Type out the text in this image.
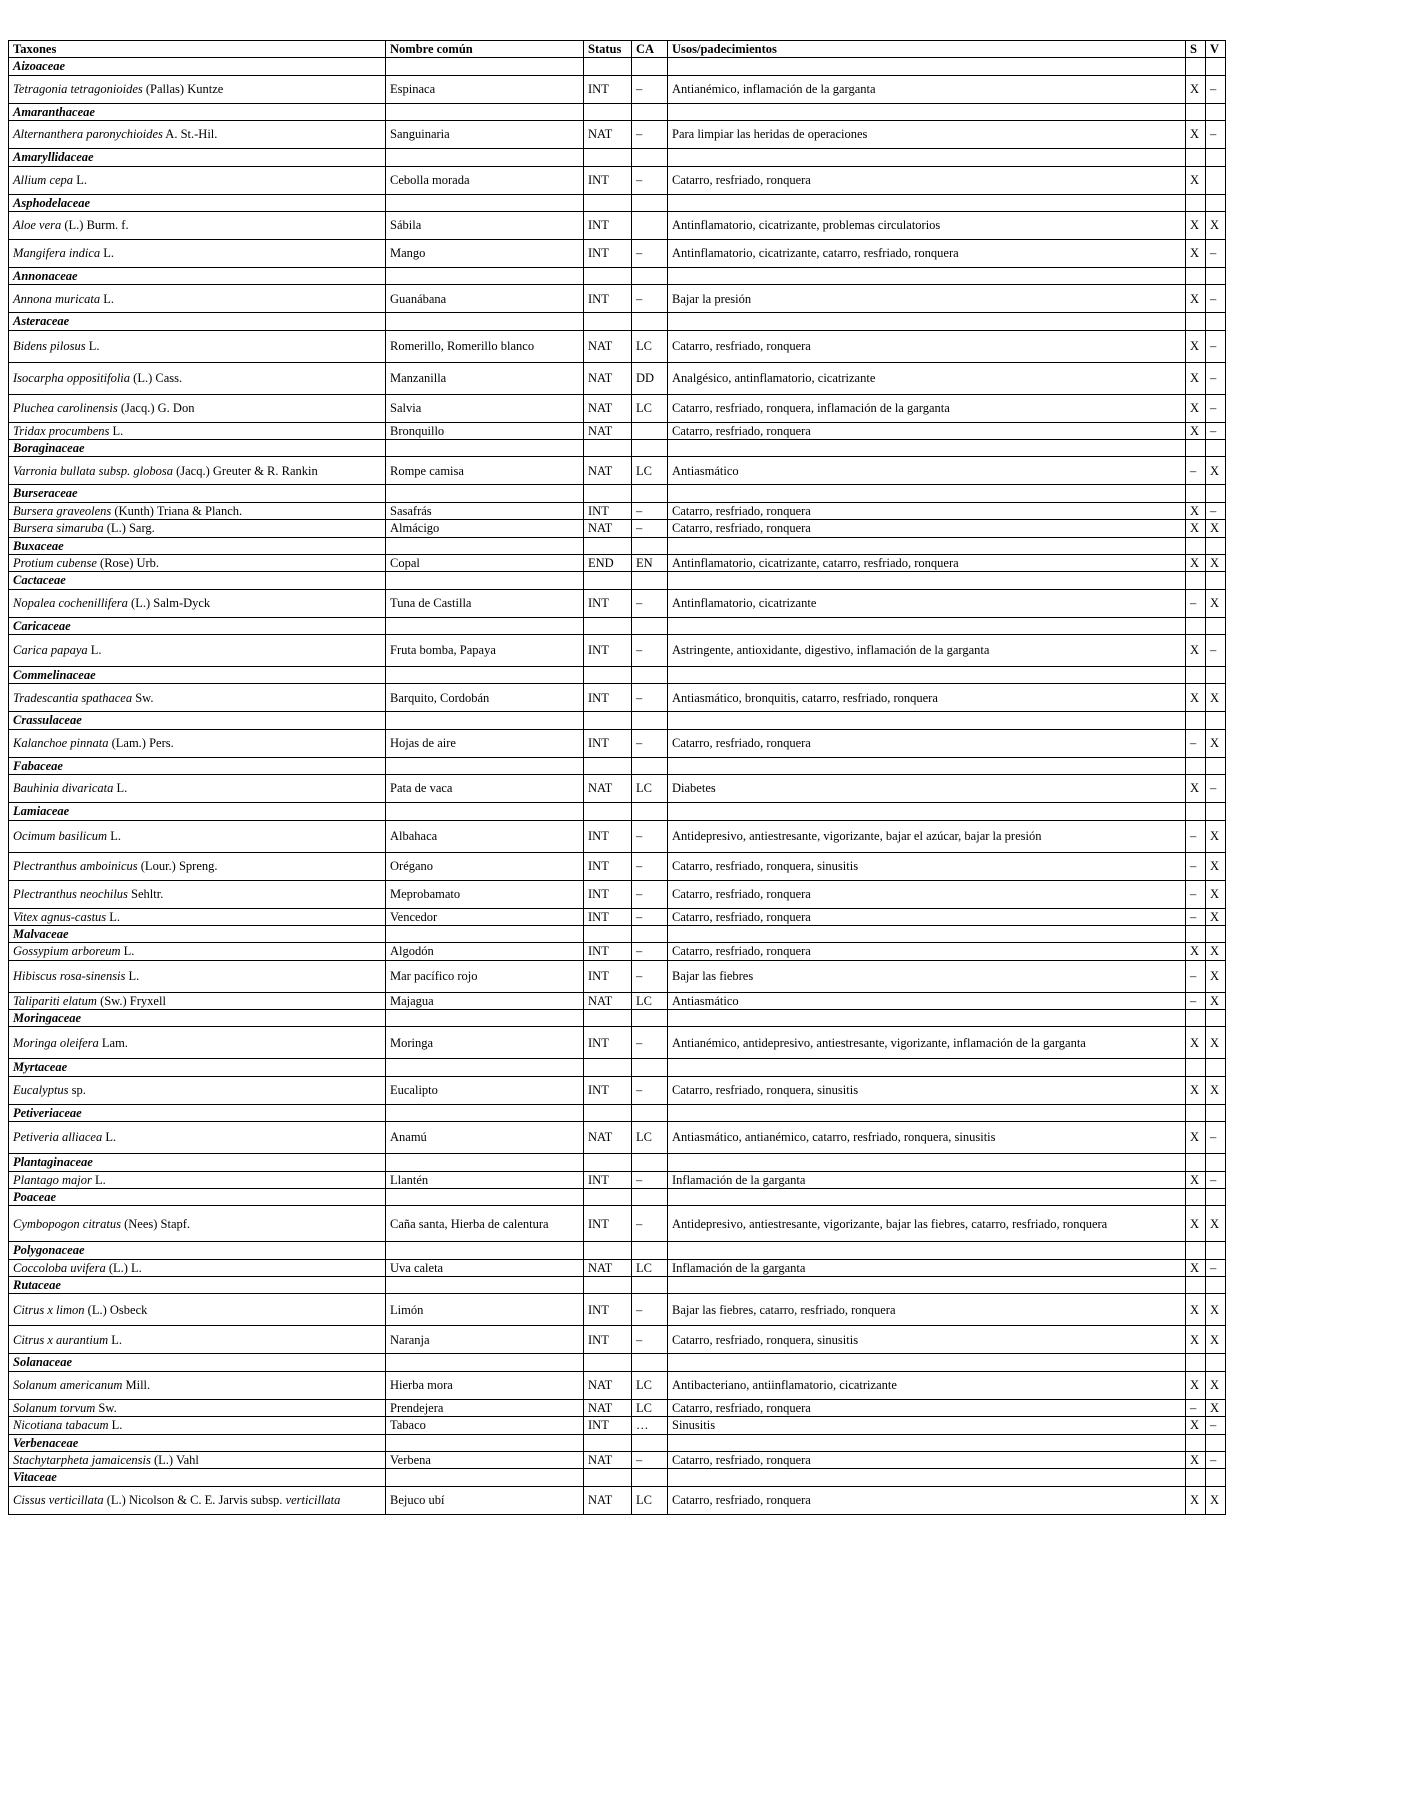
Taxones	Nombre común	Status	CA	Usos/padecimientos	S	V
Aizoaceae						
Tetragonia tetragonioides (Pallas) Kuntze	Espinaca	INT	–	Antianémico, inflamación de la garganta	X	–
Amaranthaceae						
Alternanthera paronychioides A. St.-Hil.	Sanguinaria	NAT	–	Para limpiar las heridas de operaciones	X	–
Amaryllidaceae						
Allium cepa L.	Cebolla morada	INT	–	Catarro, resfriado, ronquera	X	
Asphodelaceae						
Aloe vera (L.) Burm. f.	Sábila	INT		Antinflamatorio, cicatrizante, problemas circulatorios	X	X
Mangifera indica L.	Mango	INT	–	Antinflamatorio, cicatrizante, catarro, resfriado, ronquera	X	–
Annonaceae						
Annona muricata L.	Guanábana	INT	–	Bajar la presión	X	–
Asteraceae						
Bidens pilosus L.	Romerillo, Romerillo blanco	NAT	LC	Catarro, resfriado, ronquera	X	–
Isocarpha oppositifolia (L.) Cass.	Manzanilla	NAT	DD	Analgésico, antinflamatorio, cicatrizante	X	–
Pluchea carolinensis (Jacq.) G. Don	Salvia	NAT	LC	Catarro, resfriado, ronquera, inflamación de la garganta	X	–
Tridax procumbens L.	Bronquillo	NAT		Catarro, resfriado, ronquera	X	–
Boraginaceae						
Varronia bullata subsp. globosa (Jacq.) Greuter & R. Rankin	Rompe camisa	NAT	LC	Antiasmático	–	X
Burseraceae						
Bursera graveolens (Kunth) Triana & Planch.	Sasafrás	INT	–	Catarro, resfriado, ronquera	X	–
Bursera simaruba (L.) Sarg.	Almácigo	NAT	–	Catarro, resfriado, ronquera	X	X
Buxaceae						
Protium cubense (Rose) Urb.	Copal	END	EN	Antinflamatorio, cicatrizante, catarro, resfriado, ronquera	X	X
Cactaceae						
Nopalea cochenillifera (L.) Salm-Dyck	Tuna de Castilla	INT	–	Antinflamatorio, cicatrizante	–	X
Caricaceae						
Carica papaya L.	Fruta bomba, Papaya	INT	–	Astringente, antioxidante, digestivo, inflamación de la garganta	X	–
Commelinaceae						
Tradescantia spathacea Sw.	Barquito, Cordobán	INT	–	Antiasmático, bronquitis, catarro, resfriado, ronquera	X	X
Crassulaceae						
Kalanchoe pinnata (Lam.) Pers.	Hojas de aire	INT	–	Catarro, resfriado, ronquera	–	X
Fabaceae						
Bauhinia divaricata L.	Pata de vaca	NAT	LC	Diabetes	X	–
Lamiaceae						
Ocimum basilicum L.	Albahaca	INT	–	Antidepresivo, antiestresante, vigorizante, bajar el azúcar, bajar la presión	–	X
Plectranthus amboinicus (Lour.) Spreng.	Orégano	INT	–	Catarro, resfriado, ronquera, sinusitis	–	X
Plectranthus neochilus Sehltr.	Meprobamato	INT	–	Catarro, resfriado, ronquera	–	X
Vitex agnus-castus L.	Vencedor	INT	–	Catarro, resfriado, ronquera	–	X
Malvaceae						
Gossypium arboreum L.	Algodón	INT	–	Catarro, resfriado, ronquera	X	X
Hibiscus rosa-sinensis L.	Mar pacífico rojo	INT	–	Bajar las fiebres	–	X
Talipariti elatum (Sw.) Fryxell	Majagua	NAT	LC	Antiasmático	–	X
Moringaceae						
Moringa oleifera Lam.	Moringa	INT	–	Antianémico, antidepresivo, antiestresante, vigorizante, inflamación de la garganta	X	X
Myrtaceae						
Eucalyptus sp.	Eucalipto	INT	–	Catarro, resfriado, ronquera, sinusitis	X	X
Petiveriaceae						
Petiveria alliacea L.	Anamú	NAT	LC	Antiasmático, antianémico, catarro, resfriado, ronquera, sinusitis	X	–
Plantaginaceae						
Plantago major L.	Llantén	INT	–	Inflamación de la garganta	X	–
Poaceae						
Cymbopogon citratus (Nees) Stapf.	Caña santa, Hierba de calentura	INT	–	Antidepresivo, antiestresante, vigorizante, bajar las fiebres, catarro, resfriado, ronquera	X	X
Polygonaceae						
Coccoloba uvifera (L.) L.	Uva caleta	NAT	LC	Inflamación de la garganta	X	–
Rutaceae						
Citrus x limon (L.) Osbeck	Limón	INT	–	Bajar las fiebres, catarro, resfriado, ronquera	X	X
Citrus x aurantium L.	Naranja	INT	–	Catarro, resfriado, ronquera, sinusitis	X	X
Solanaceae						
Solanum americanum Mill.	Hierba mora	NAT	LC	Antibacteriano, antiinflamatorio, cicatrizante	X	X
Solanum torvum Sw.	Prendejera	NAT	LC	Catarro, resfriado, ronquera	–	X
Nicotiana tabacum L.	Tabaco	INT	…	Sinusitis	X	–
Verbenaceae						
Stachytarpheta jamaicensis (L.) Vahl	Verbena	NAT	–	Catarro, resfriado, ronquera	X	–
Vitaceae						
Cissus verticillata (L.) Nicolson & C. E. Jarvis subsp. verticillata	Bejuco ubí	NAT	LC	Catarro, resfriado, ronquera	X	X
